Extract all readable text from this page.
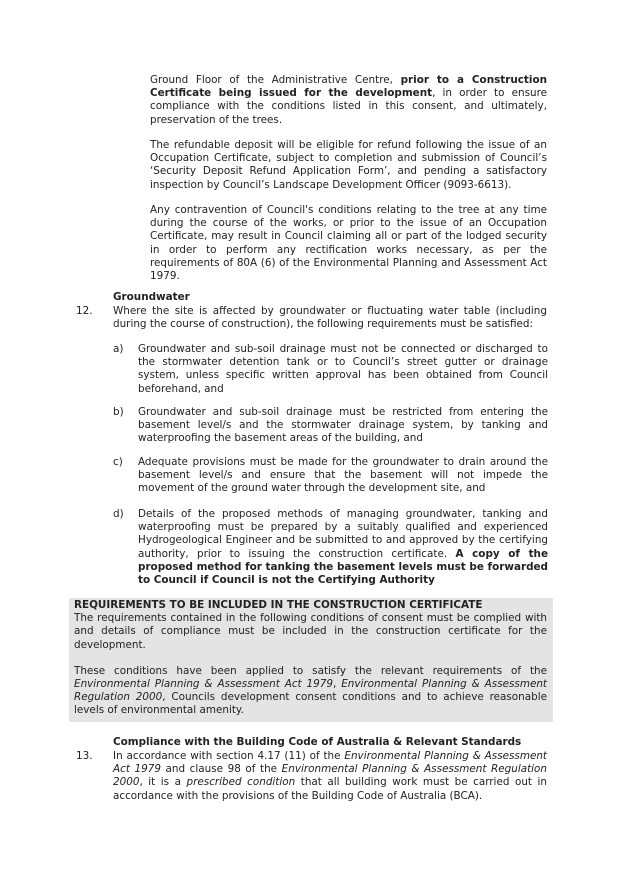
Ground Floor of the Administrative Centre, prior to a Construction Certificate being issued for the development, in order to ensure compliance with the conditions listed in this consent, and ultimately, preservation of the trees.

The refundable deposit will be eligible for refund following the issue of an Occupation Certificate, subject to completion and submission of Council’s ‘Security Deposit Refund Application Form’, and pending a satisfactory inspection by Council’s Landscape Development Officer (9093-6613).

Any contravention of Council's conditions relating to the tree at any time during the course of the works, or prior to the issue of an Occupation Certificate, may result in Council claiming all or part of the lodged security in order to perform any rectification works necessary, as per the requirements of 80A (6) of the Environmental Planning and Assessment Act 1979.

Groundwater

12. Where the site is affected by groundwater or fluctuating water table (including during the course of construction), the following requirements must be satisfied:

a) Groundwater and sub-soil drainage must not be connected or discharged to the stormwater detention tank or to Council’s street gutter or drainage system, unless specific written approval has been obtained from Council beforehand, and

b) Groundwater and sub-soil drainage must be restricted from entering the basement level/s and the stormwater drainage system, by tanking and waterproofing the basement areas of the building, and

c) Adequate provisions must be made for the groundwater to drain around the basement level/s and ensure that the basement will not impede the movement of the ground water through the development site, and

d) Details of the proposed methods of managing groundwater, tanking and waterproofing must be prepared by a suitably qualified and experienced Hydrogeological Engineer and be submitted to and approved by the certifying authority, prior to issuing the construction certificate. A copy of the proposed method for tanking the basement levels must be forwarded to Council if Council is not the Certifying Authority

REQUIREMENTS TO BE INCLUDED IN THE CONSTRUCTION CERTIFICATE

The requirements contained in the following conditions of consent must be complied with and details of compliance must be included in the construction certificate for the development.

These conditions have been applied to satisfy the relevant requirements of the Environmental Planning & Assessment Act 1979, Environmental Planning & Assessment Regulation 2000, Councils development consent conditions and to achieve reasonable levels of environmental amenity.

Compliance with the Building Code of Australia & Relevant Standards

13. In accordance with section 4.17 (11) of the Environmental Planning & Assessment Act 1979 and clause 98 of the Environmental Planning & Assessment Regulation 2000, it is a prescribed condition that all building work must be carried out in accordance with the provisions of the Building Code of Australia (BCA).
